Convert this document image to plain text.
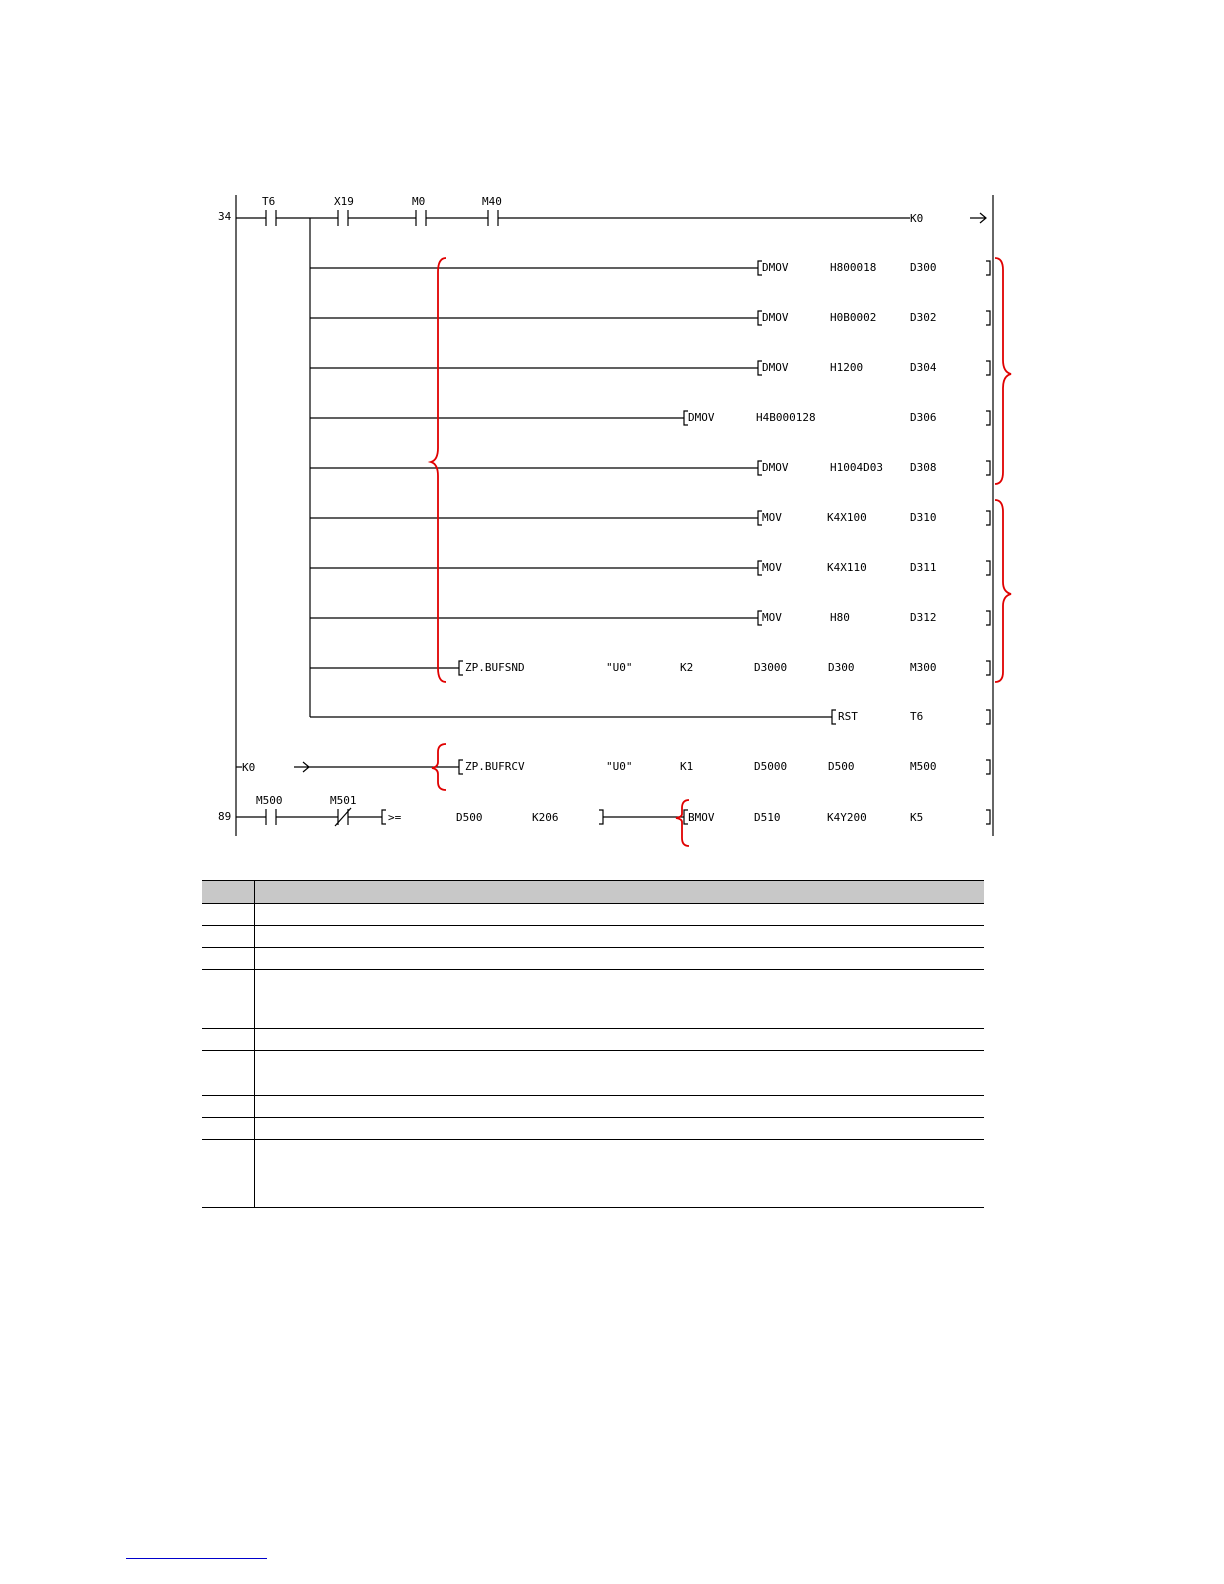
34
89
T6	X19	M0	M40
K0
DMOV	H800018	D300
DMOV	H0B0002	D302
DMOV	H1200	D304
DMOV	H4B000128	D306
DMOV	H1004D03 D308
MOV	K4X100	D310
MOV	K4X110	D311
MOV	H80	D312
ZP.BUFSND	"U0"	K2	D3000	D300	M300
RST	T6
K0	ZP.BUFRCV	"U0"	K1	D5000	D500	M500
M500	M501
>=	D500	K206	BMOV	D510	K4Y200	K5
